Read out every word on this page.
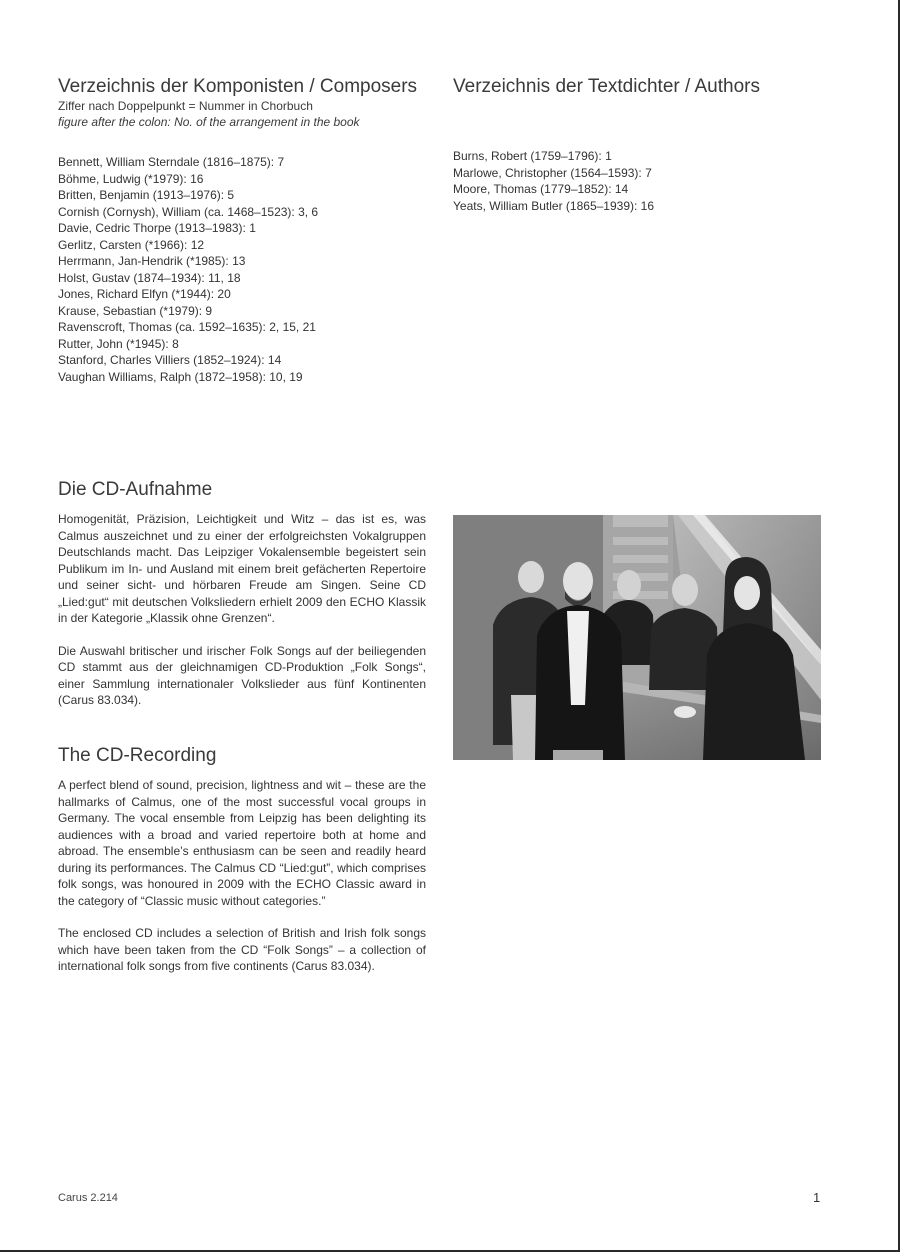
Verzeichnis der Komponisten / Composers
Ziffer nach Doppelpunkt = Nummer in Chorbuch
figure after the colon: No. of the arrangement in the book
Bennett, William Sterndale (1816–1875): 7
Böhme, Ludwig (*1979): 16
Britten, Benjamin (1913–1976): 5
Cornish (Cornysh), William (ca. 1468–1523): 3, 6
Davie, Cedric Thorpe (1913–1983): 1
Gerlitz, Carsten (*1966): 12
Herrmann, Jan-Hendrik (*1985): 13
Holst, Gustav (1874–1934): 11, 18
Jones, Richard Elfyn (*1944): 20
Krause, Sebastian (*1979): 9
Ravenscroft, Thomas (ca. 1592–1635): 2, 15, 21
Rutter, John (*1945): 8
Stanford, Charles Villiers (1852–1924): 14
Vaughan Williams, Ralph (1872–1958): 10, 19
Verzeichnis der Textdichter / Authors
Burns, Robert (1759–1796): 1
Marlowe, Christopher (1564–1593): 7
Moore, Thomas (1779–1852): 14
Yeats, William Butler (1865–1939): 16
Die CD-Aufnahme

Homogenität, Präzision, Leichtigkeit und Witz – das ist es, was Calmus auszeichnet und zu einer der erfolgreichsten Vokalgruppen Deutschlands macht. Das Leipziger Vokalensemble begeistert sein Publikum im In- und Ausland mit einem breit gefächerten Repertoire und seiner sicht- und hörbaren Freude am Singen. Seine CD „Lied:gut“ mit deutschen Volksliedern erhielt 2009 den ECHO Klassik in der Kategorie „Klassik ohne Grenzen“.

Die Auswahl britischer und irischer Folk Songs auf der beiliegenden CD stammt aus der gleichnamigen CD-Produktion „Folk Songs“, einer Sammlung internationaler Volkslieder aus fünf Kontinenten (Carus 83.034).

The CD-Recording

A perfect blend of sound, precision, lightness and wit – these are the hallmarks of Calmus, one of the most successful vocal groups in Germany. The vocal ensemble from Leipzig has been delighting its audiences with a broad and varied repertoire both at home and abroad. The ensemble’s enthusiasm can be seen and readily heard during its performances. The Calmus CD “Lied:gut”, which comprises folk songs, was honoured in 2009 with the ECHO Classic award in the category of “Classic music without categories.”

The enclosed CD includes a selection of British and Irish folk songs which have been taken from the CD “Folk Songs” – a collection of international folk songs from five continents (Carus 83.034).

Carus 2.214	1
